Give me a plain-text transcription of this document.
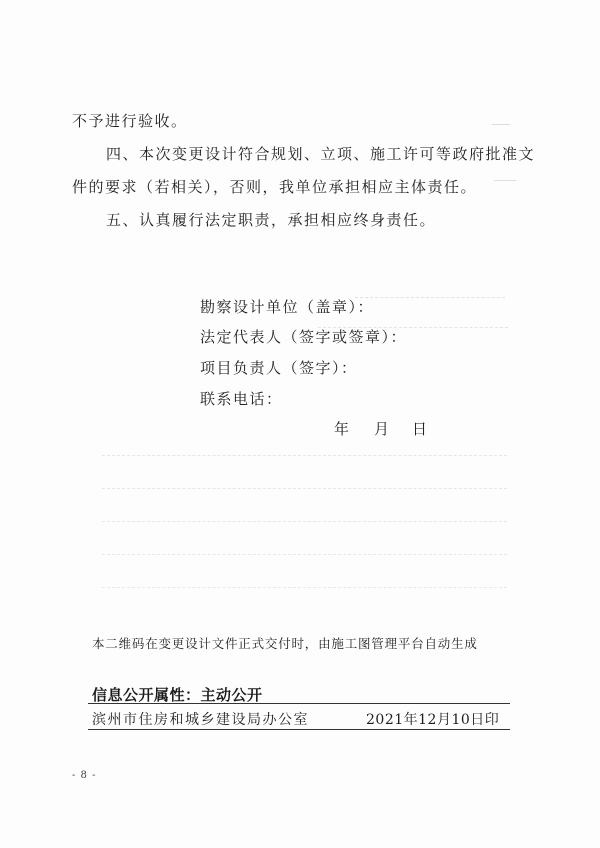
不予进行验收。
四、本次变更设计符合规划、立项、施工许可等政府批准文
件的要求（若相关），否则，我单位承担相应主体责任。
五、认真履行法定职责，承担相应终身责任。
勘察设计单位（盖章）：
法定代表人（签字或签章）：
项目负责人（签字）：
联系电话：
年 月 日
本二维码在变更设计文件正式交付时，由施工图管理平台自动生成
信息公开属性：主动公开
滨州市住房和城乡建设局办公室	2021年12月10日印
- 8 -
